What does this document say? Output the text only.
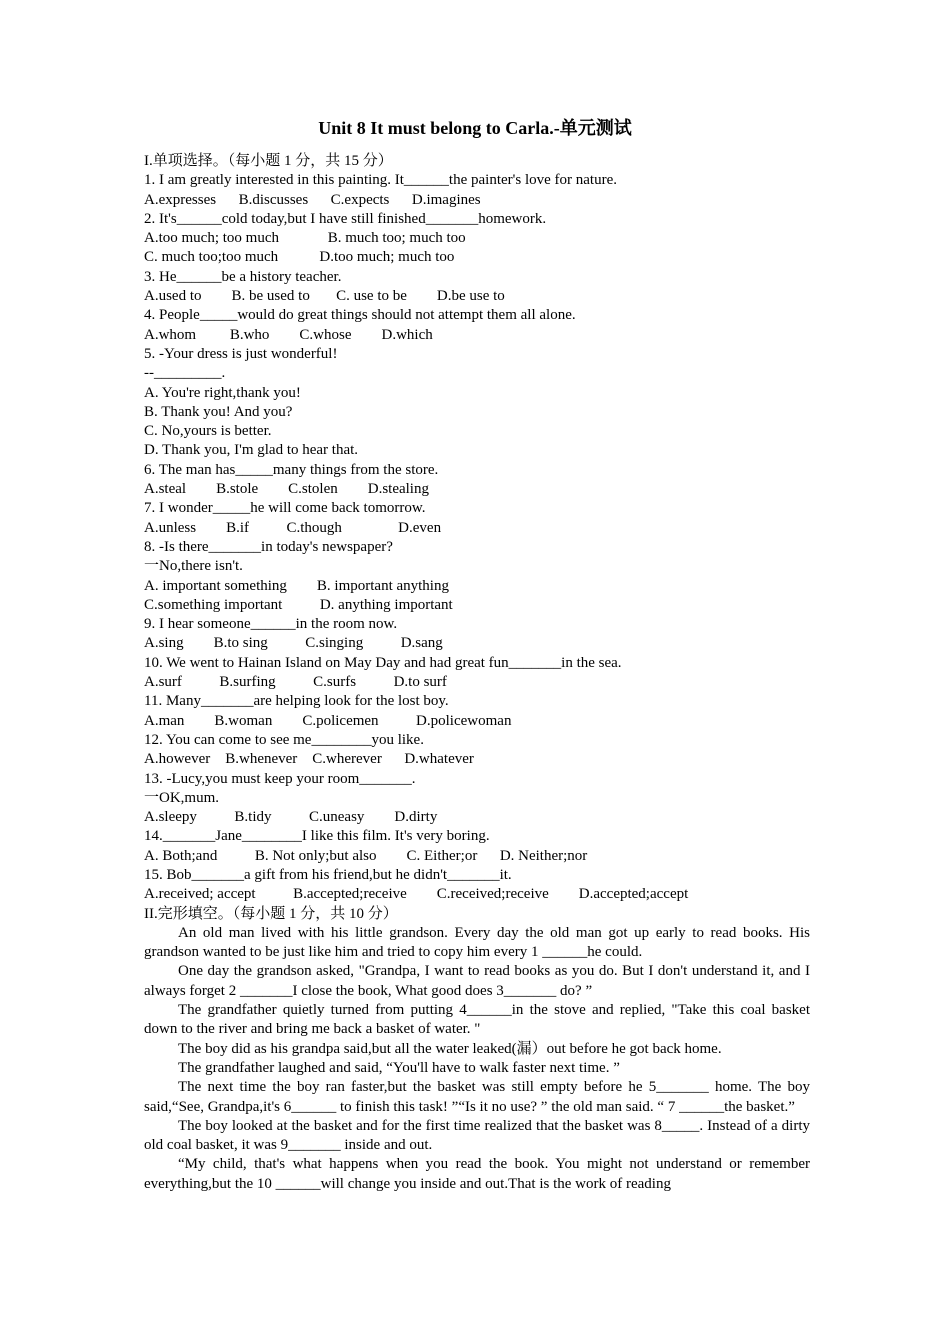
Unit 8 It must belong to Carla.-单元测试
I.单项选择。（每小题 1 分，共 15 分）
1. I am greatly interested in this painting. It______the painter's love for nature.
A.expresses      B.discusses      C.expects      D.imagines
2. It's______cold today,but I have still finished_______homework.
A.too much; too much             B. much too; much too
C. much too;too much           D.too much; much too
3. He______be a history teacher.
A.used to        B. be used to       C. use to be        D.be use to
4. People_____would do great things should not attempt them all alone.
A.whom         B.who        C.whose        D.which
5. -Your dress is just wonderful!
--_________.
A. You're right,thank you!
B. Thank you! And you?
C. No,yours is better.
D. Thank you, I'm glad to hear that.
6. The man has_____many things from the store.
A.steal        B.stole        C.stolen        D.stealing
7. I wonder_____he will come back tomorrow.
A.unless        B.if          C.though               D.even
8. -Is there_______in today's newspaper?
一No,there isn't.
A. important something        B. important anything
C.something important          D. anything important
9. I hear someone______in the room now.
A.sing        B.to sing          C.singing          D.sang
10. We went to Hainan Island on May Day and had great fun_______in the sea.
A.surf          B.surfing          C.surfs          D.to surf
11. Many_______are helping look for the lost boy.
A.man        B.woman        C.policemen          D.policewoman
12. You can come to see me________you like.
A.however    B.whenever    C.wherever      D.whatever
13. -Lucy,you must keep your room_______.
一OK,mum.
A.sleepy          B.tidy          C.uneasy        D.dirty
14._______Jane________I like this film. It's very boring.
A. Both;and          B. Not only;but also        C. Either;or      D. Neither;nor
15. Bob_______a gift from his friend,but he didn't_______it.
A.received; accept          B.accepted;receive        C.received;receive        D.accepted;accept
II.完形填空。（每小题 1 分，共 10 分）
An old man lived with his little grandson. Every day the old man got up early to read books. His grandson wanted to be just like him and tried to copy him every 1 ______he could.
One day the grandson asked, "Grandpa, I want to read books as you do. But I don't understand it, and I always forget 2 _______I close the book, What good does 3_______ do? ”
The grandfather quietly turned from putting 4______in the stove and replied, "Take this coal basket down to the river and bring me back a basket of water. "
The boy did as his grandpa said,but all the water leaked(漏）out before he got back home.
The grandfather laughed and said, “You'll have to walk faster next time. ”
The next time the boy ran faster,but the basket was still empty before he 5_______ home. The boy said,“See, Grandpa,it's 6______ to finish this task! ”“Is it no use? ” the old man said. “ 7 ______the basket.”
The boy looked at the basket and for the first time realized that the basket was 8_____. Instead of a dirty old coal basket, it was 9_______ inside and out.
“My child, that's what happens when you read the book. You might not understand or remember everything,but the 10 ______will change you inside and out.That is the work of reading
